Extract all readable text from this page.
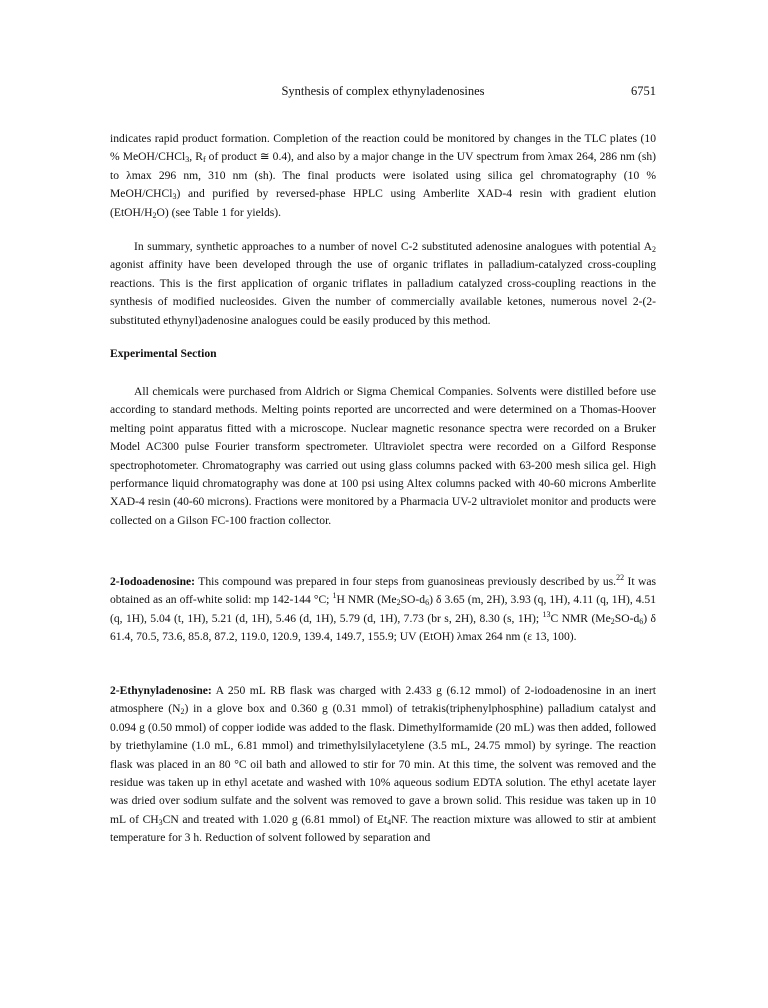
Synthesis of complex ethynyladenosines	6751

indicates rapid product formation. Completion of the reaction could be monitored by changes in the TLC plates (10 % MeOH/CHCl$_3$, $R_f$ of product ≅ 0.4), and also by a major change in the UV spectrum from λmax 264, 286 nm (sh) to λmax 296 nm, 310 nm (sh). The final products were isolated using silica gel chromatography (10 % MeOH/CHCl$_3$) and purified by reversed-phase HPLC using Amberlite XAD-4 resin with gradient elution $(EtOH/H_2O)$ (see Table 1 for yields).

In summary, synthetic approaches to a number of novel C-2 substituted adenosine analogues with potential $A_2$ agonist affinity have been developed through the use of organic triflates in palladium-catalyzed cross-coupling reactions. This is the first application of organic triflates in palladium catalyzed cross-coupling reactions in the synthesis of modified nucleosides. Given the number of commercially available ketones, numerous novel 2-(2-substituted ethynyl)adenosine analogues could be easily produced by this method.

Experimental Section

All chemicals were purchased from Aldrich or Sigma Chemical Companies. Solvents were distilled before use according to standard methods. Melting points reported are uncorrected and were determined on a Thomas-Hoover melting point apparatus fitted with a microscope. Nuclear magnetic resonance spectra were recorded on a Bruker Model AC300 pulse Fourier transform spectrometer. Ultraviolet spectra were recorded on a Gilford Response spectrophotometer. Chromatography was carried out using glass columns packed with 63-200 mesh silica gel. High performance liquid chromatography was done at 100 psi using Altex columns packed with 40-60 microns Amberlite XAD-4 resin (40-60 microns). Fractions were monitored by a Pharmacia UV-2 ultraviolet monitor and products were collected on a Gilson FC-100 fraction collector.

2-Iodoadenosine: This compound was prepared in four steps from guanosineas previously described by us.$^{22}$ It was obtained as an off-white solid: mp 142-144 °C; $^1$H NMR $(Me_2SO-d_6)$ δ 3.65 (m, 2H), 3.93 (q, 1H), 4.11 (q, 1H), 4.51 (q, 1H), 5.04 (t, 1H), 5.21 (d, 1H), 5.46 (d, 1H), 5.79 (d, 1H), 7.73 (br s, 2H), 8.30 (s, 1H); $^{13}$C NMR $(Me_2SO-d_6)$ δ 61.4, 70.5, 73.6, 85.8, 87.2, 119.0, 120.9, 139.4, 149.7, 155.9; UV (EtOH) λmax 264 nm (ε 13, 100).

2-Ethynyladenosine: A 250 mL RB flask was charged with 2.433 g (6.12 mmol) of 2-iodoadenosine in an inert atmosphere $(N_2)$ in a glove box and 0.360 g (0.31 mmol) of tetrakis(triphenylphosphine) palladium catalyst and 0.094 g (0.50 mmol) of copper iodide was added to the flask. Dimethylformamide (20 mL) was then added, followed by triethylamine (1.0 mL, 6.81 mmol) and trimethylsilylacetylene (3.5 mL, 24.75 mmol) by syringe. The reaction flask was placed in an 80 °C oil bath and allowed to stir for 70 min. At this time, the solvent was removed and the residue was taken up in ethyl acetate and washed with 10% aqueous sodium EDTA solution. The ethyl acetate layer was dried over sodium sulfate and the solvent was removed to gave a brown solid. This residue was taken up in 10 mL of $CH_3CN$ and treated with 1.020 g (6.81 mmol) of $Et_4NF$. The reaction mixture was allowed to stir at ambient temperature for 3 h. Reduction of solvent followed by separation and
